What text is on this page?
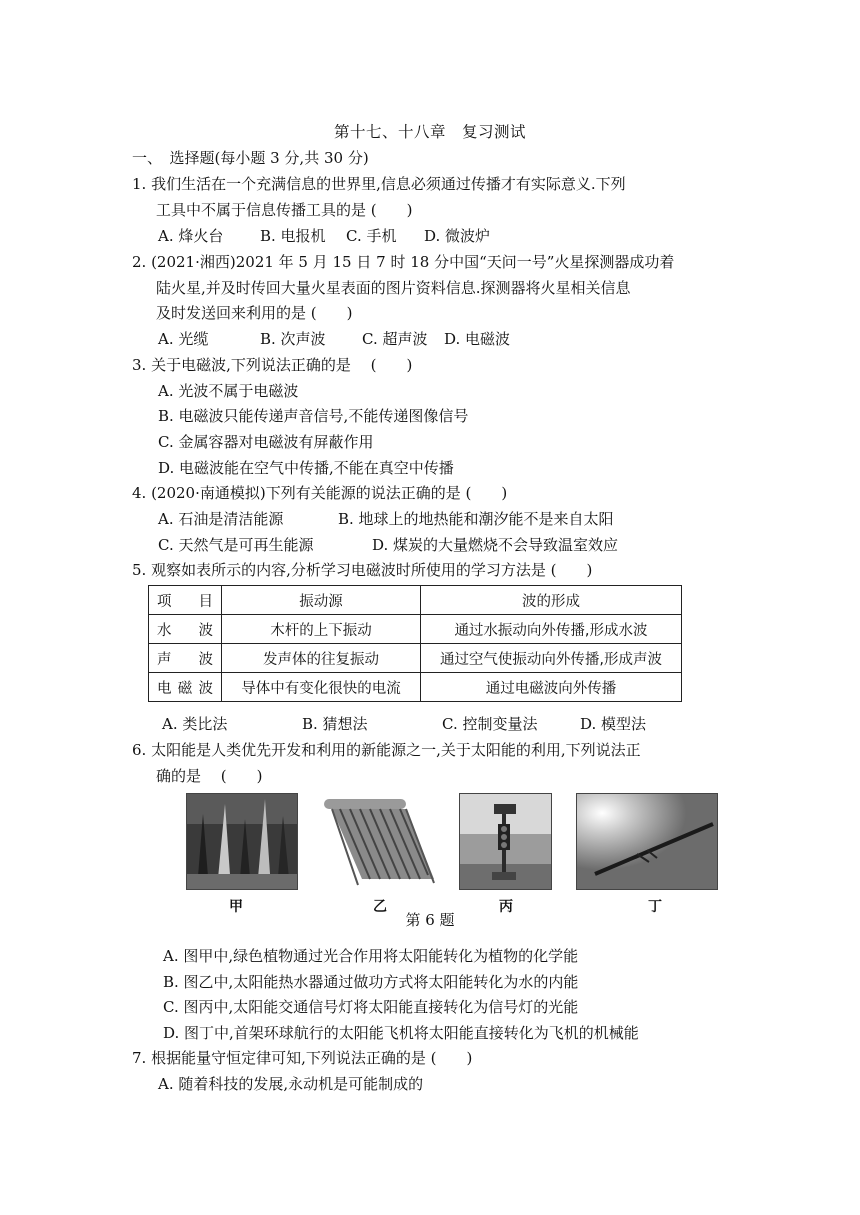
第十七、十八章　复习测试
一、　选择题(每小题 3 分,共 30 分)
1. 我们生活在一个充满信息的世界里,信息必须通过传播才有实际意义.下列
工具中不属于信息传播工具的是 (　　)
A. 烽火台	B. 电报机	C. 手机	D. 微波炉
2. (2021·湘西)2021 年 5 月 15 日 7 时 18 分中国“天问一号”火星探测器成功着
陆火星,并及时传回大量火星表面的图片资料信息.探测器将火星相关信息
及时发送回来利用的是 (　　)
A. 光缆	B. 次声波	C. 超声波	D. 电磁波
3. 关于电磁波,下列说法正确的是　 (　　)
A. 光波不属于电磁波
B. 电磁波只能传递声音信号,不能传递图像信号
C. 金属容器对电磁波有屏蔽作用
D. 电磁波能在空气中传播,不能在真空中传播
4. (2020·南通模拟)下列有关能源的说法正确的是 (　　)
A. 石油是清洁能源	B. 地球上的地热能和潮汐能不是来自太阳
C. 天然气是可再生能源	D. 煤炭的大量燃烧不会导致温室效应
5. 观察如表所示的内容,分析学习电磁波时所使用的学习方法是 (　　)
项目	振动源	波的形成
水波	木杆的上下振动	通过水振动向外传播,形成水波
声波	发声体的往复振动	通过空气使振动向外传播,形成声波
电磁波	导体中有变化很快的电流	通过电磁波向外传播
A. 类比法	B. 猜想法	C. 控制变量法	D. 模型法
6. 太阳能是人类优先开发和利用的新能源之一,关于太阳能的利用,下列说法正
确的是　 (　　)
甲	乙	丙	丁
第 6 题
A. 图甲中,绿色植物通过光合作用将太阳能转化为植物的化学能
B. 图乙中,太阳能热水器通过做功方式将太阳能转化为水的内能
C. 图丙中,太阳能交通信号灯将太阳能直接转化为信号灯的光能
D. 图丁中,首架环球航行的太阳能飞机将太阳能直接转化为飞机的机械能
7. 根据能量守恒定律可知,下列说法正确的是 (　　)
A. 随着科技的发展,永动机是可能制成的
